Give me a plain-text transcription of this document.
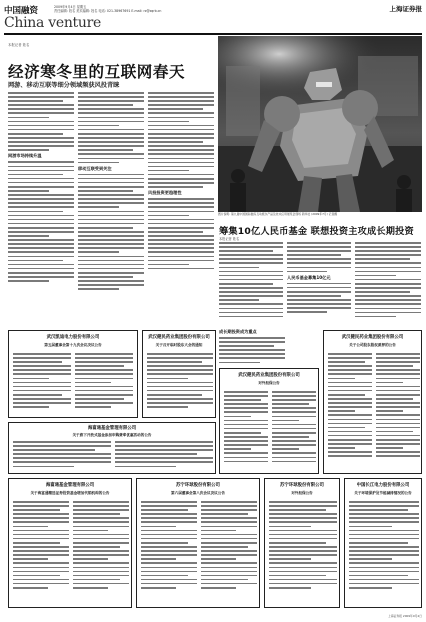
中国融资	2009年9月4日 星期五
责任编辑: 姓名 美术编辑: 姓名 电话: 021-38967691 E-mail: rz@zqrb.cn
China venture
上海证券报
本报记者 姓名
经济寒冬里的互联网春天
网游、移动互联等细分领域频获风投青睐
网游市场持续升温
移动互联受到关注
风投投资更趋理性
图片说明: 第九届中国国际数码互动娱乐产品及技术应用展览会现场 新华社 (2009年7月) 记者摄
筹集10亿人民币基金 联想投资主攻成长期投资
本报记者 姓名
人民币基金募集10亿元
成长期投资成为重点
武汉凯迪电力股份有限公司
第五届董事会第十九次会议决议公告
武汉健民药业集团股份有限公司
关于召开临时股东大会的通知
武汉健民药业集团股份有限公司
对外担保公告
武汉健民药业集团股份有限公司
关于公司股东股权质押的公告
海富通基金管理有限公司
关于旗下开放式基金参加申购费率优惠活动的公告
海富通基金管理有限公司
关于海富通精选证券投资基金增加代销机构的公告
苏宁环球股份有限公司
第六届董事会第八次会议决议公告
苏宁环球股份有限公司
对外担保公告
中国长江电力股份有限公司
关于环境保护及节能减排情况的公告
上海证券报 2009年9月4日
